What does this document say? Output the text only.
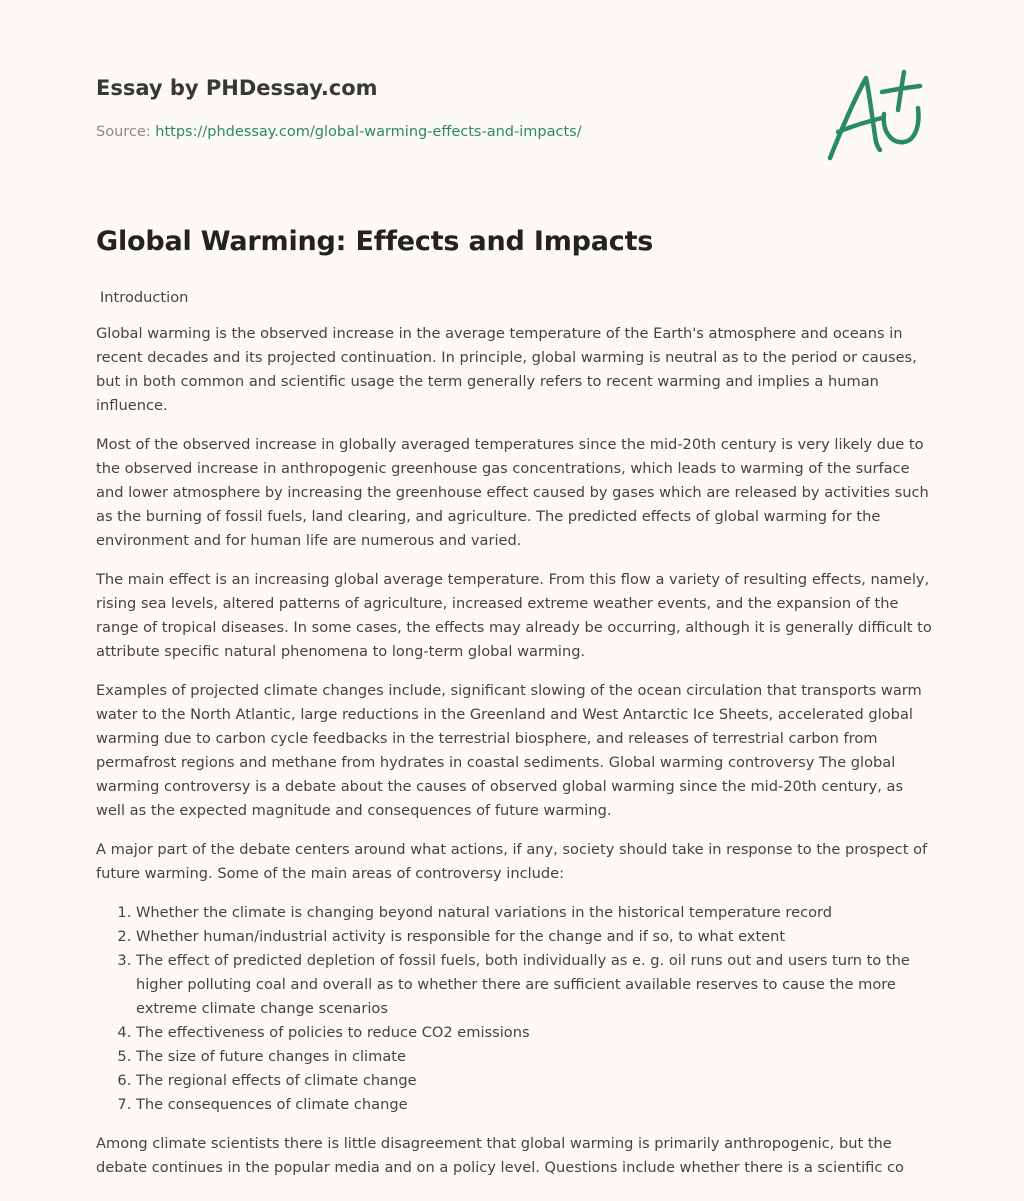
Essay by PHDessay.com
Source: https://phdessay.com/global-warming-effects-and-impacts/
Global Warming: Effects and Impacts
Introduction

Global warming is the observed increase in the average temperature of the Earth's atmosphere and oceans in recent decades and its projected continuation. In principle, global warming is neutral as to the period or causes, but in both common and scientific usage the term generally refers to recent warming and implies a human influence.

Most of the observed increase in globally averaged temperatures since the mid-20th century is very likely due to the observed increase in anthropogenic greenhouse gas concentrations, which leads to warming of the surface and lower atmosphere by increasing the greenhouse effect caused by gases which are released by activities such as the burning of fossil fuels, land clearing, and agriculture. The predicted effects of global warming for the environment and for human life are numerous and varied.

The main effect is an increasing global average temperature. From this flow a variety of resulting effects, namely, rising sea levels, altered patterns of agriculture, increased extreme weather events, and the expansion of the range of tropical diseases. In some cases, the effects may already be occurring, although it is generally difficult to attribute specific natural phenomena to long-term global warming.

Examples of projected climate changes include, significant slowing of the ocean circulation that transports warm water to the North Atlantic, large reductions in the Greenland and West Antarctic Ice Sheets, accelerated global warming due to carbon cycle feedbacks in the terrestrial biosphere, and releases of terrestrial carbon from permafrost regions and methane from hydrates in coastal sediments. Global warming controversy The global warming controversy is a debate about the causes of observed global warming since the mid-20th century, as well as the expected magnitude and consequences of future warming.

A major part of the debate centers around what actions, if any, society should take in response to the prospect of future warming. Some of the main areas of controversy include:

1. Whether the climate is changing beyond natural variations in the historical temperature record
2. Whether human/industrial activity is responsible for the change and if so, to what extent
3. The effect of predicted depletion of fossil fuels, both individually as e. g. oil runs out and users turn to the higher polluting coal and overall as to whether there are sufficient available reserves to cause the more extreme climate change scenarios
4. The effectiveness of policies to reduce CO2 emissions
5. The size of future changes in climate
6. The regional effects of climate change
7. The consequences of climate change

Among climate scientists there is little disagreement that global warming is primarily anthropogenic, but the debate continues in the popular media and on a policy level. Questions include whether there is a scientific co
